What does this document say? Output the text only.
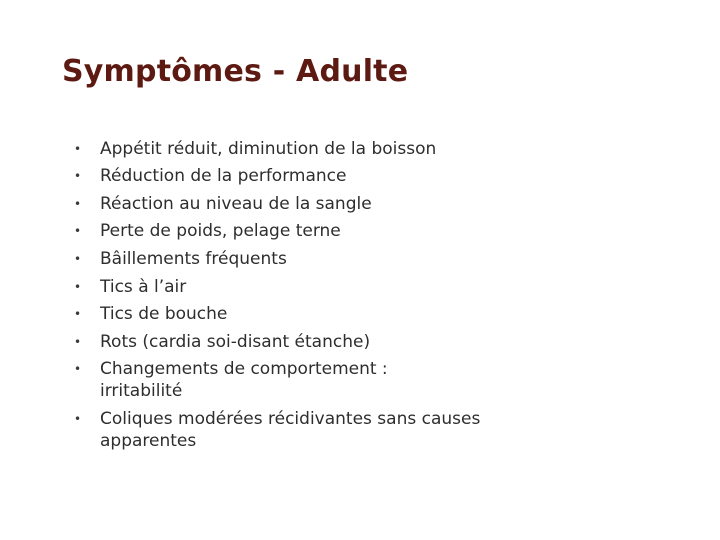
Symptômes - Adulte
• Appétit réduit, diminution de la boisson
• Réduction de la performance
• Réaction au niveau de la sangle
• Perte de poids, pelage terne
• Bâillements fréquents
• Tics à l’air
• Tics de bouche
• Rots (cardia soi-disant étanche)
• Changements de comportement : irritabilité
• Coliques modérées récidivantes sans causes apparentes
